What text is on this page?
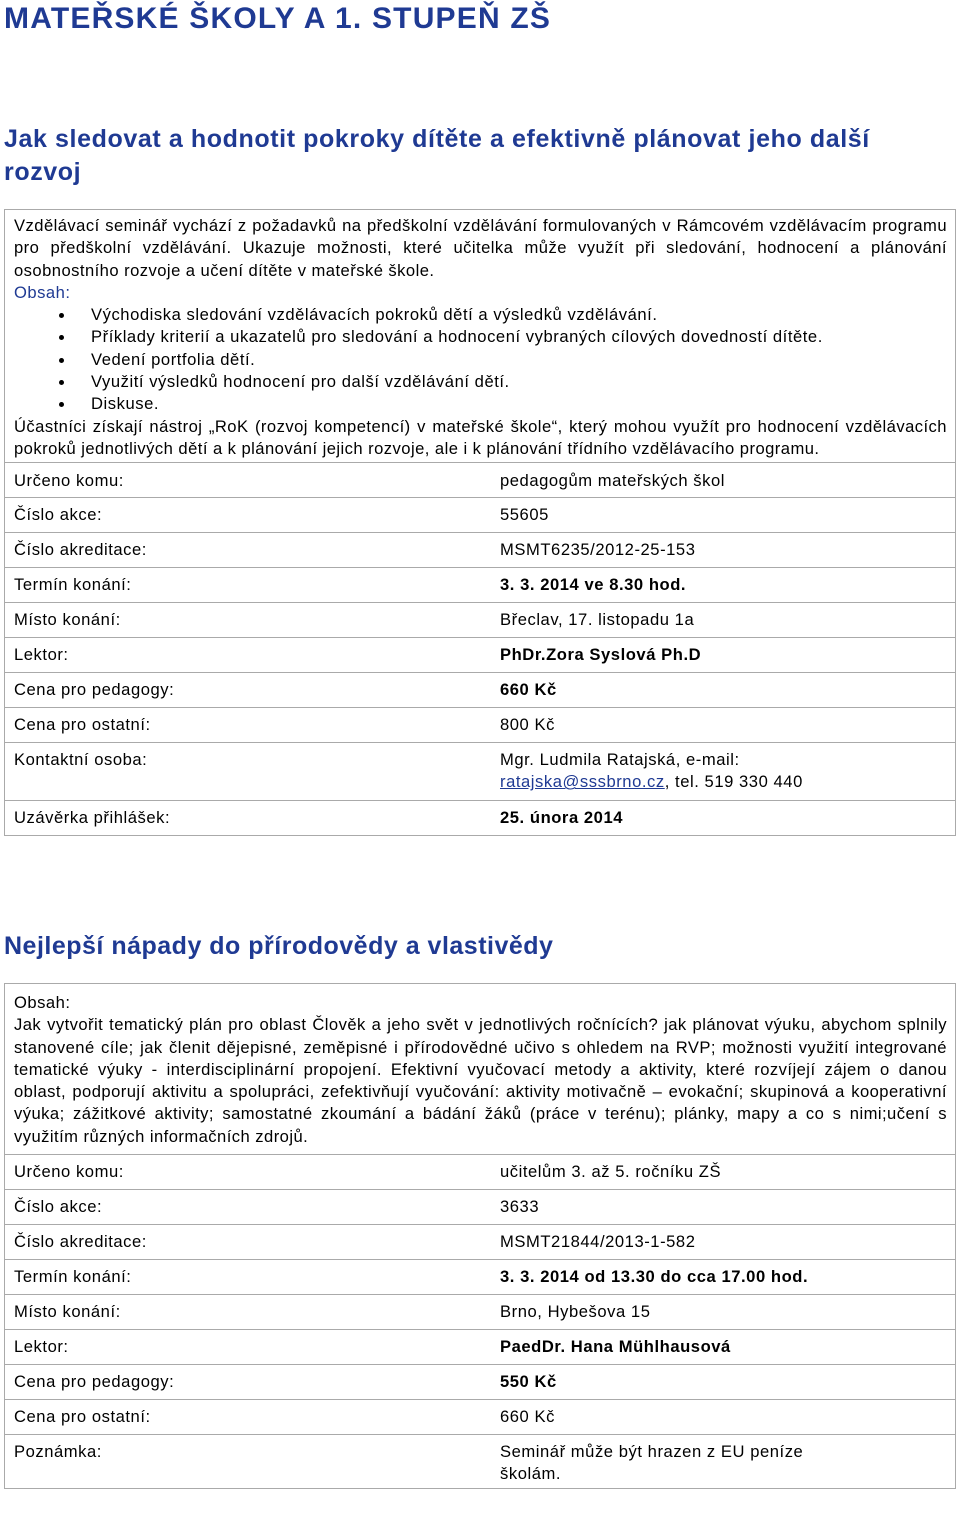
MATEŘSKÉ ŠKOLY A 1. STUPEŇ ZŠ
Jak sledovat a hodnotit pokroky dítěte a efektivně plánovat jeho další rozvoj

Vzdělávací seminář vychází z požadavků na předškolní vzdělávání formulovaných v Rámcovém vzdělávacím programu pro předškolní vzdělávání. Ukazuje možnosti, které učitelka může využít při sledování, hodnocení a plánování osobnostního rozvoje a učení dítěte v mateřské škole.

Obsah:
Východiska sledování vzdělávacích pokroků dětí a výsledků vzdělávání.
Příklady kriterií a ukazatelů pro sledování a hodnocení vybraných cílových dovedností dítěte.
Vedení portfolia dětí.
Využití výsledků hodnocení pro další vzdělávání dětí.
Diskuse.

Účastníci získají nástroj „RoK (rozvoj kompetencí) v mateřské škole“, který mohou využít pro hodnocení vzdělávacích pokroků jednotlivých dětí a k plánování jejich rozvoje, ale i k plánování třídního vzdělávacího programu.

Určeno komu:	pedagogům mateřských škol
Číslo akce:	55605
Číslo akreditace:	MSMT6235/2012-25-153
Termín konání:	3. 3. 2014 ve 8.30 hod.
Místo konání:	Břeclav, 17. listopadu 1a
Lektor:	PhDr.Zora Syslová Ph.D
Cena pro pedagogy:	660 Kč
Cena pro ostatní:	800 Kč
Kontaktní osoba:	Mgr. Ludmila Ratajská, e-mail:
ratajska@sssbrno.cz, tel. 519 330 440

Uzávěrka přihlášek:	25. února 2014
Nejlepší nápady do přírodovědy a vlastivědy
Obsah:

Jak vytvořit tematický plán pro oblast Člověk a jeho svět v jednotlivých ročnících? jak plánovat výuku, abychom splnily stanovené cíle; jak členit dějepisné, zeměpisné i přírodovědné učivo s ohledem na RVP; možnosti využití integrované tematické výuky - interdisciplinární propojení. Efektivní vyučovací metody a aktivity, které rozvíjejí zájem o danou oblast, podporují aktivitu a spolupráci, zefektivňují vyučování: aktivity motivačně – evokační; skupinová a kooperativní výuka; zážitkové aktivity; samostatné zkoumání a bádání žáků (práce v terénu); plánky, mapy a co s nimi;učení s využitím různých informačních zdrojů.

Určeno komu:	učitelům 3. až 5. ročníku ZŠ
Číslo akce:	3633
Číslo akreditace:	MSMT21844/2013-1-582
Termín konání:	3. 3. 2014 od 13.30 do cca 17.00 hod.
Místo konání:	Brno, Hybešova 15
Lektor:	PaedDr. Hana Mühlhausová
Cena pro pedagogy:	550 Kč
Cena pro ostatní:	660 Kč
Poznámka:	Seminář může být hrazen z EU peníze školám.
